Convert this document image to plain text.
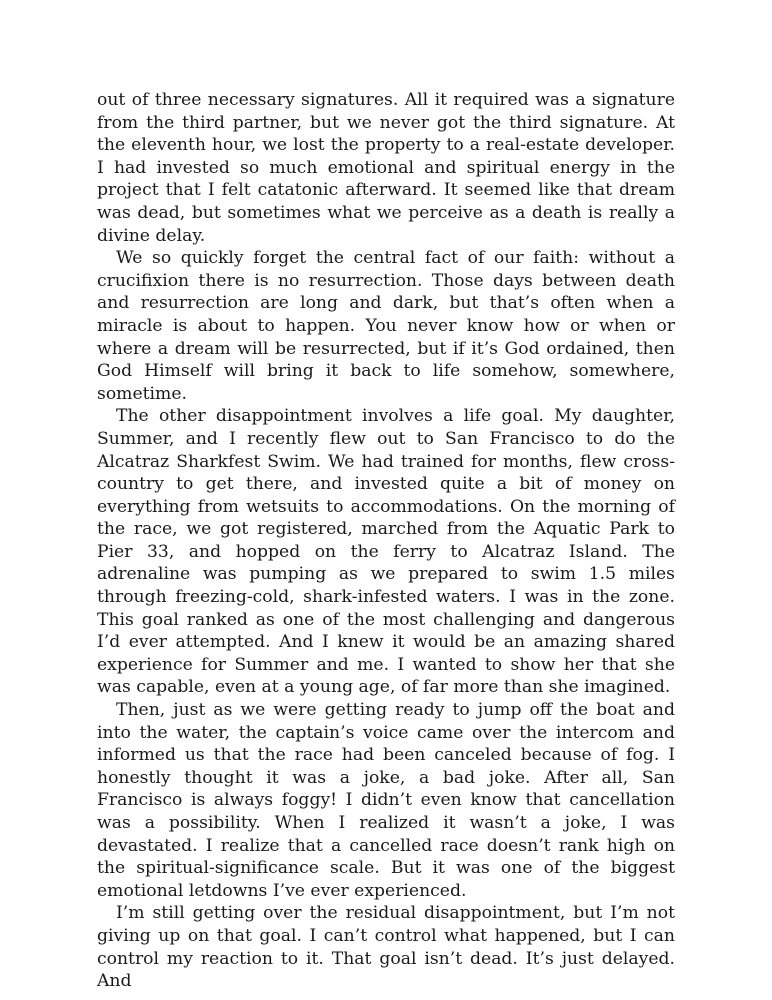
out of three necessary signatures. All it required was a signature from the third partner, but we never got the third signature. At the eleventh hour, we lost the property to a real-estate developer. I had invested so much emotional and spiritual energy in the project that I felt catatonic afterward. It seemed like that dream was dead, but sometimes what we perceive as a death is really a divine delay.

We so quickly forget the central fact of our faith: without a crucifixion there is no resurrection. Those days between death and resurrection are long and dark, but that’s often when a miracle is about to happen. You never know how or when or where a dream will be resurrected, but if it’s God ordained, then God Himself will bring it back to life somehow, somewhere, sometime.

The other disappointment involves a life goal. My daughter, Summer, and I recently flew out to San Francisco to do the Alcatraz Sharkfest Swim. We had trained for months, flew cross-country to get there, and invested quite a bit of money on everything from wetsuits to accommodations. On the morning of the race, we got registered, marched from the Aquatic Park to Pier 33, and hopped on the ferry to Alcatraz Island. The adrenaline was pumping as we prepared to swim 1.5 miles through freezing-cold, shark-infested waters. I was in the zone. This goal ranked as one of the most challenging and dangerous I’d ever attempted. And I knew it would be an amazing shared experience for Summer and me. I wanted to show her that she was capable, even at a young age, of far more than she imagined.

Then, just as we were getting ready to jump off the boat and into the water, the captain’s voice came over the intercom and informed us that the race had been canceled because of fog. I honestly thought it was a joke, a bad joke. After all, San Francisco is always foggy! I didn’t even know that cancellation was a possibility. When I realized it wasn’t a joke, I was devastated. I realize that a cancelled race doesn’t rank high on the spiritual-significance scale. But it was one of the biggest emotional letdowns I’ve ever experienced.

I’m still getting over the residual disappointment, but I’m not giving up on that goal. I can’t control what happened, but I can control my reaction to it. That goal isn’t dead. It’s just delayed. And
